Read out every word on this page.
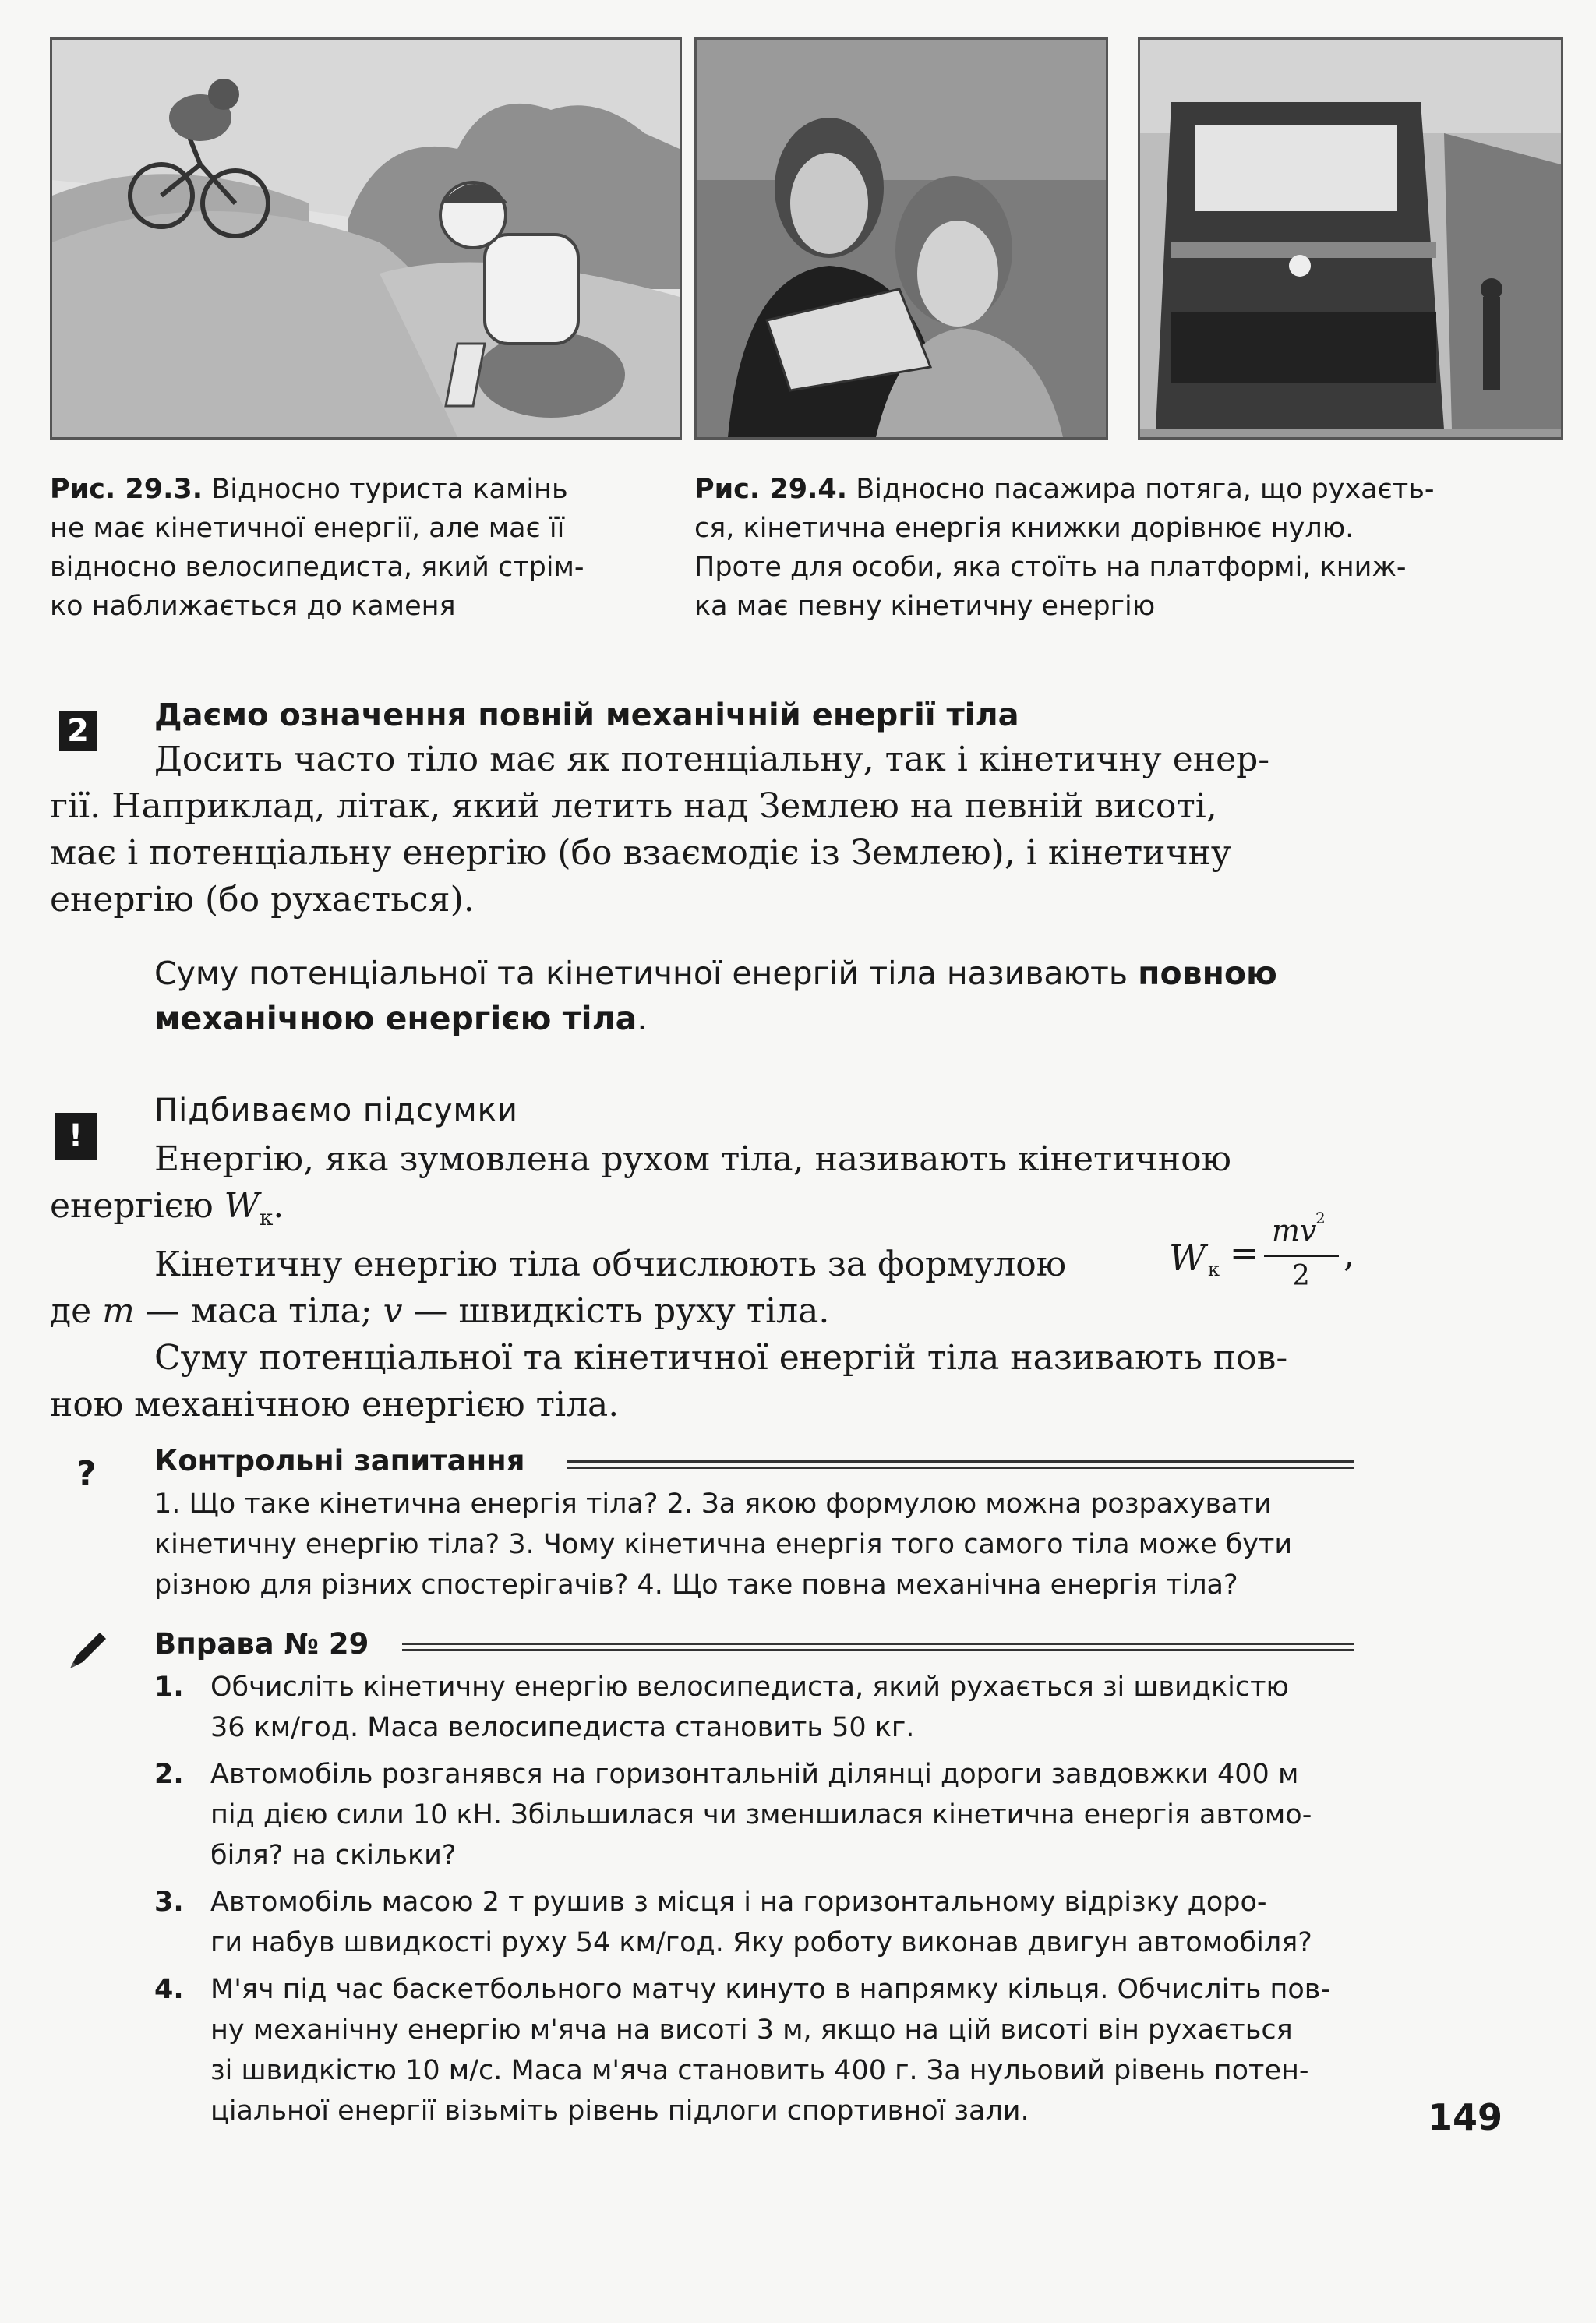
Рис. 29.3. Відносно туриста камінь
не має кінетичної енергії, але має її
відносно велосипедиста, який стрім-
ко наближається до каменя
Рис. 29.4. Відносно пасажира потяга, що рухаєть-
ся, кінетична енергія книжки дорівнює нулю.
Проте для особи, яка стоїть на платформі, книж-
ка має певну кінетичну енергію
2 Даємо означення повній механічній енергії тіла
Досить часто тіло має як потенціальну, так і кінетичну енер-
гії. Наприклад, літак, який летить над Землею на певній висоті,
має і потенціальну енергію (бо взаємодіє із Землею), і кінетичну
енергію (бо рухається).
Суму потенціальної та кінетичної енергій тіла називають повною
механічною енергією тіла.
!
Підбиваємо підсумки
Енергію, яка зумовлена рухом тіла, називають кінетичною
енергією $W_к$.
Кінетичну енергію тіла обчислюють за формулою
де m — маса тіла; v — швидкість руху тіла.
Суму потенціальної та кінетичної енергій тіла називають пов-
ною механічною енергією тіла.
W к =
mv
2
2
,
? Контрольні запитання
1. Що таке кінетична енергія тіла? 2. За якою формулою можна розрахувати
кінетичну енергію тіла? 3. Чому кінетична енергія того самого тіла може бути
різною для різних спостерігачів? 4. Що таке повна механічна енергія тіла?
Вправа № 29
1. Обчисліть кінетичну енергію велосипедиста, який рухається зі швидкістю
36 км/год. Маса велосипедиста становить 50 кг.
2. Автомобіль розганявся на горизонтальній ділянці дороги завдовжки 400 м
під дією сили 10 кН. Збільшилася чи зменшилася кінетична енергія автомо-
біля? на скільки?
3. Автомобіль масою 2 т рушив з місця і на горизонтальному відрізку доро-
ги набув швидкості руху 54 км/год. Яку роботу виконав двигун автомобіля?
4. М'яч під час баскетбольного матчу кинуто в напрямку кільця. Обчисліть пов-
ну механічну енергію м'яча на висоті 3 м, якщо на цій висоті він рухається
зі швидкістю 10 м/с. Маса м'яча становить 400 г. За нульовий рівень потен-
ціальної енергії візьміть рівень підлоги спортивної зали.	149
